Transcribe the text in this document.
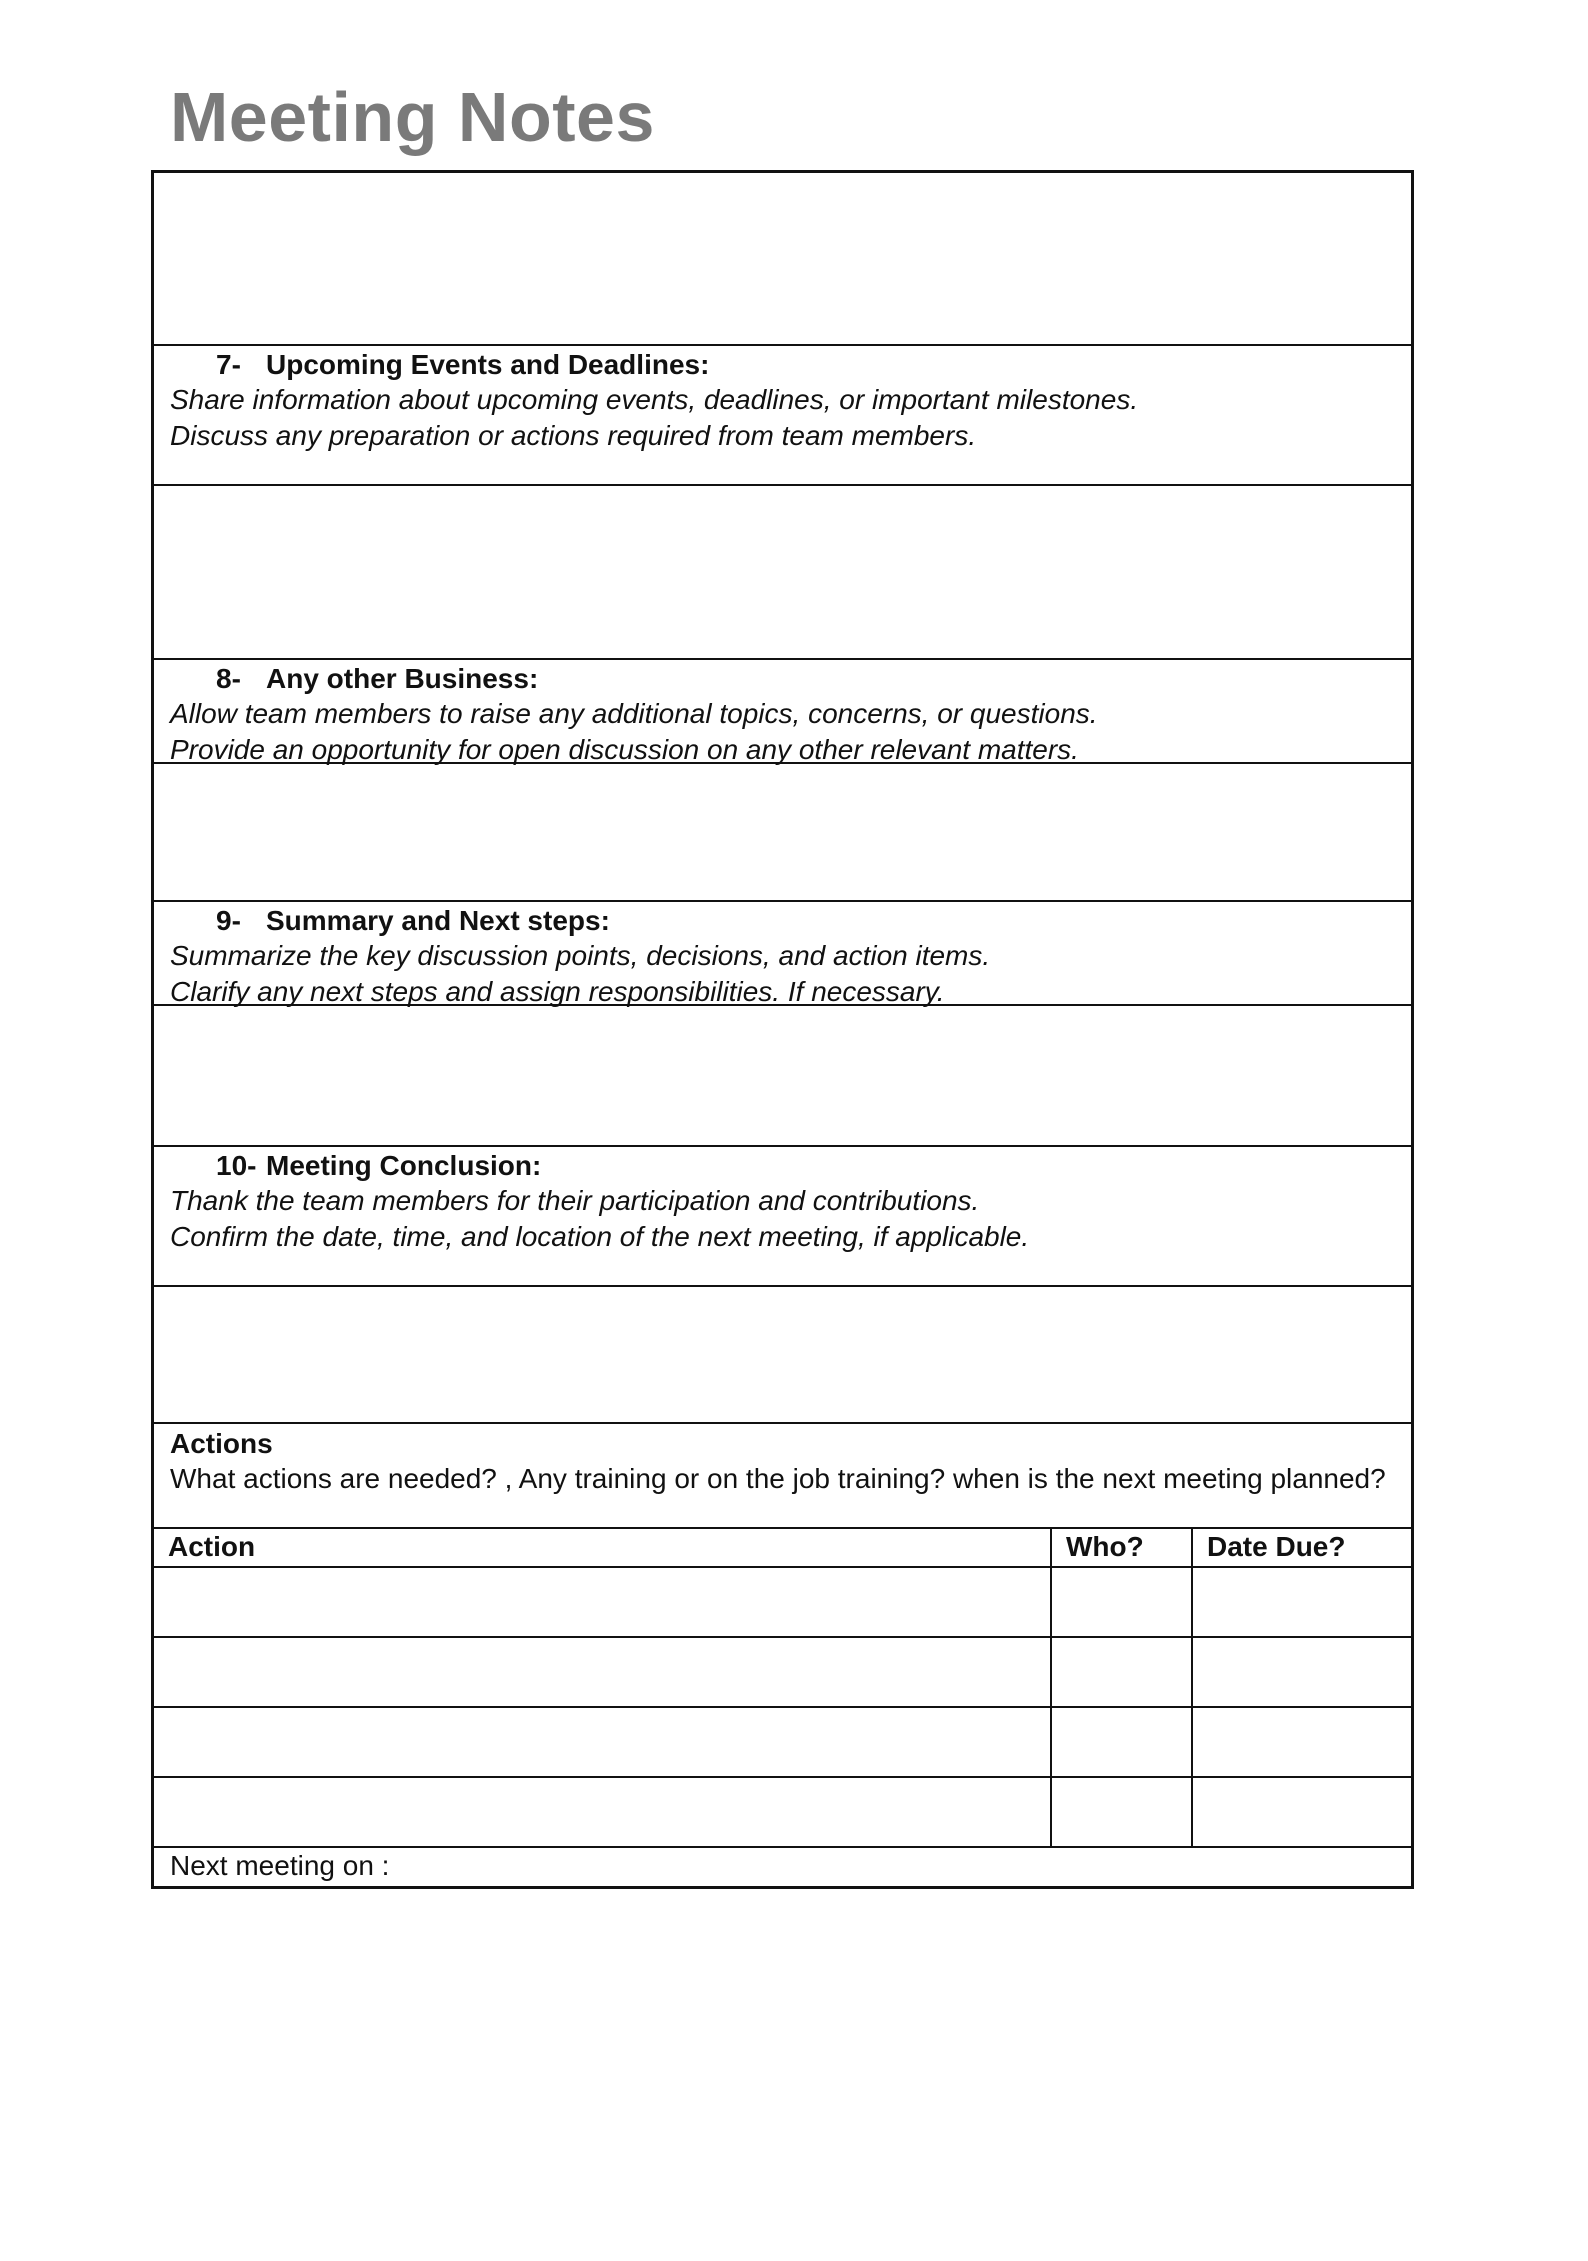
Meeting Notes
7- Upcoming Events and Deadlines:
Share information about upcoming events, deadlines, or important milestones.
Discuss any preparation or actions required from team members.
8- Any other Business:
Allow team members to raise any additional topics, concerns, or questions.
Provide an opportunity for open discussion on any other relevant matters.
9- Summary and Next steps:
Summarize the key discussion points, decisions, and action items.
Clarify any next steps and assign responsibilities. If necessary.
10- Meeting Conclusion:
Thank the team members for their participation and contributions.
Confirm the date, time, and location of the next meeting, if applicable.
Actions
What actions are needed? , Any training or on the job training? when is the next meeting planned?
Action	Who?	Date Due?

Next meeting on :
